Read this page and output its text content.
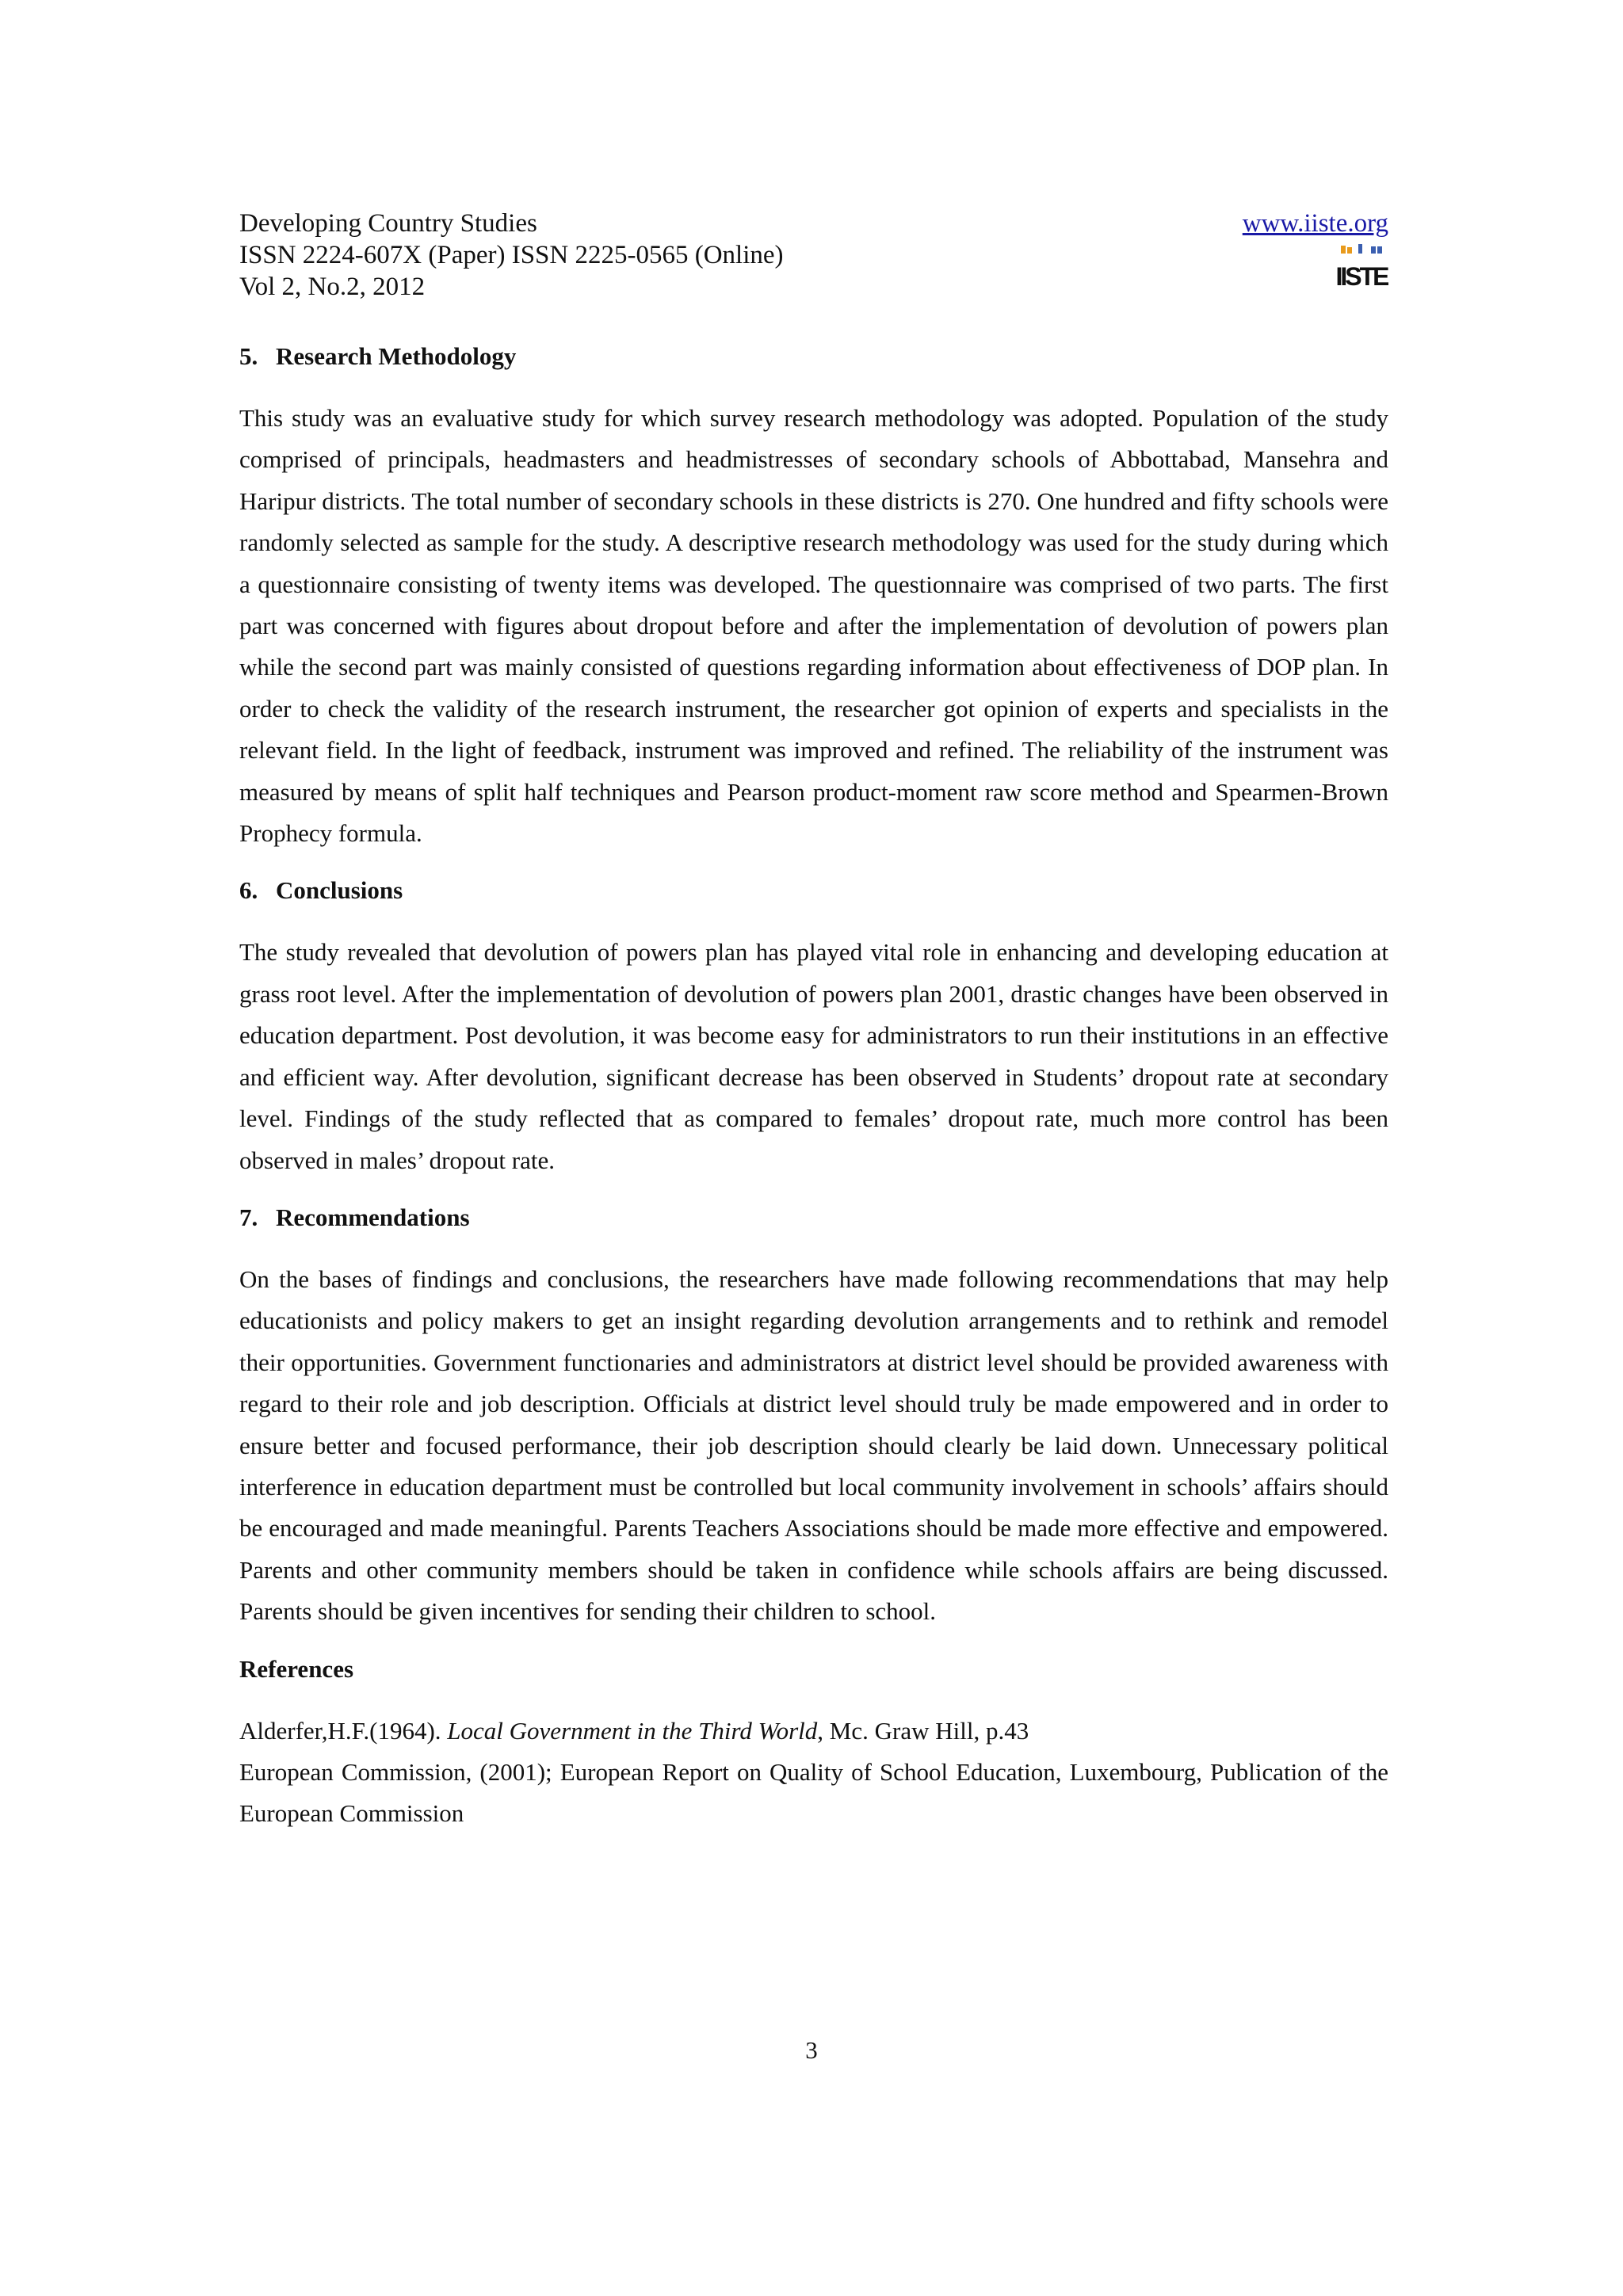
Developing Country Studies
ISSN 2224-607X (Paper) ISSN 2225-0565 (Online)
Vol 2, No.2, 2012
www.iiste.org
IISTE
5. Research Methodology

This study was an evaluative study for which survey research methodology was adopted. Population of the study comprised of principals, headmasters and headmistresses of secondary schools of Abbottabad, Mansehra and Haripur districts. The total number of secondary schools in these districts is 270. One hundred and fifty schools were randomly selected as sample for the study. A descriptive research methodology was used for the study during which a questionnaire consisting of twenty items was developed. The questionnaire was comprised of two parts. The first part was concerned with figures about dropout before and after the implementation of devolution of powers plan while the second part was mainly consisted of questions regarding information about effectiveness of DOP plan. In order to check the validity of the research instrument, the researcher got opinion of experts and specialists in the relevant field. In the light of feedback, instrument was improved and refined. The reliability of the instrument was measured by means of split half techniques and Pearson product-moment raw score method and Spearmen-Brown Prophecy formula.

6. Conclusions

The study revealed that devolution of powers plan has played vital role in enhancing and developing education at grass root level. After the implementation of devolution of powers plan 2001, drastic changes have been observed in education department. Post devolution, it was become easy for administrators to run their institutions in an effective and efficient way. After devolution, significant decrease has been observed in Students’ dropout rate at secondary level. Findings of the study reflected that as compared to females’ dropout rate, much more control has been observed in males’ dropout rate.

7. Recommendations

On the bases of findings and conclusions, the researchers have made following recommendations that may help educationists and policy makers to get an insight regarding devolution arrangements and to rethink and remodel their opportunities. Government functionaries and administrators at district level should be provided awareness with regard to their role and job description. Officials at district level should truly be made empowered and in order to ensure better and focused performance, their job description should clearly be laid down. Unnecessary political interference in education department must be controlled but local community involvement in schools’ affairs should be encouraged and made meaningful. Parents Teachers Associations should be made more effective and empowered. Parents and other community members should be taken in confidence while schools affairs are being discussed. Parents should be given incentives for sending their children to school.

References

Alderfer,H.F.(1964). Local Government in the Third World, Mc. Graw Hill, p.43

European Commission, (2001); European Report on Quality of School Education, Luxembourg, Publication of the European Commission

3
